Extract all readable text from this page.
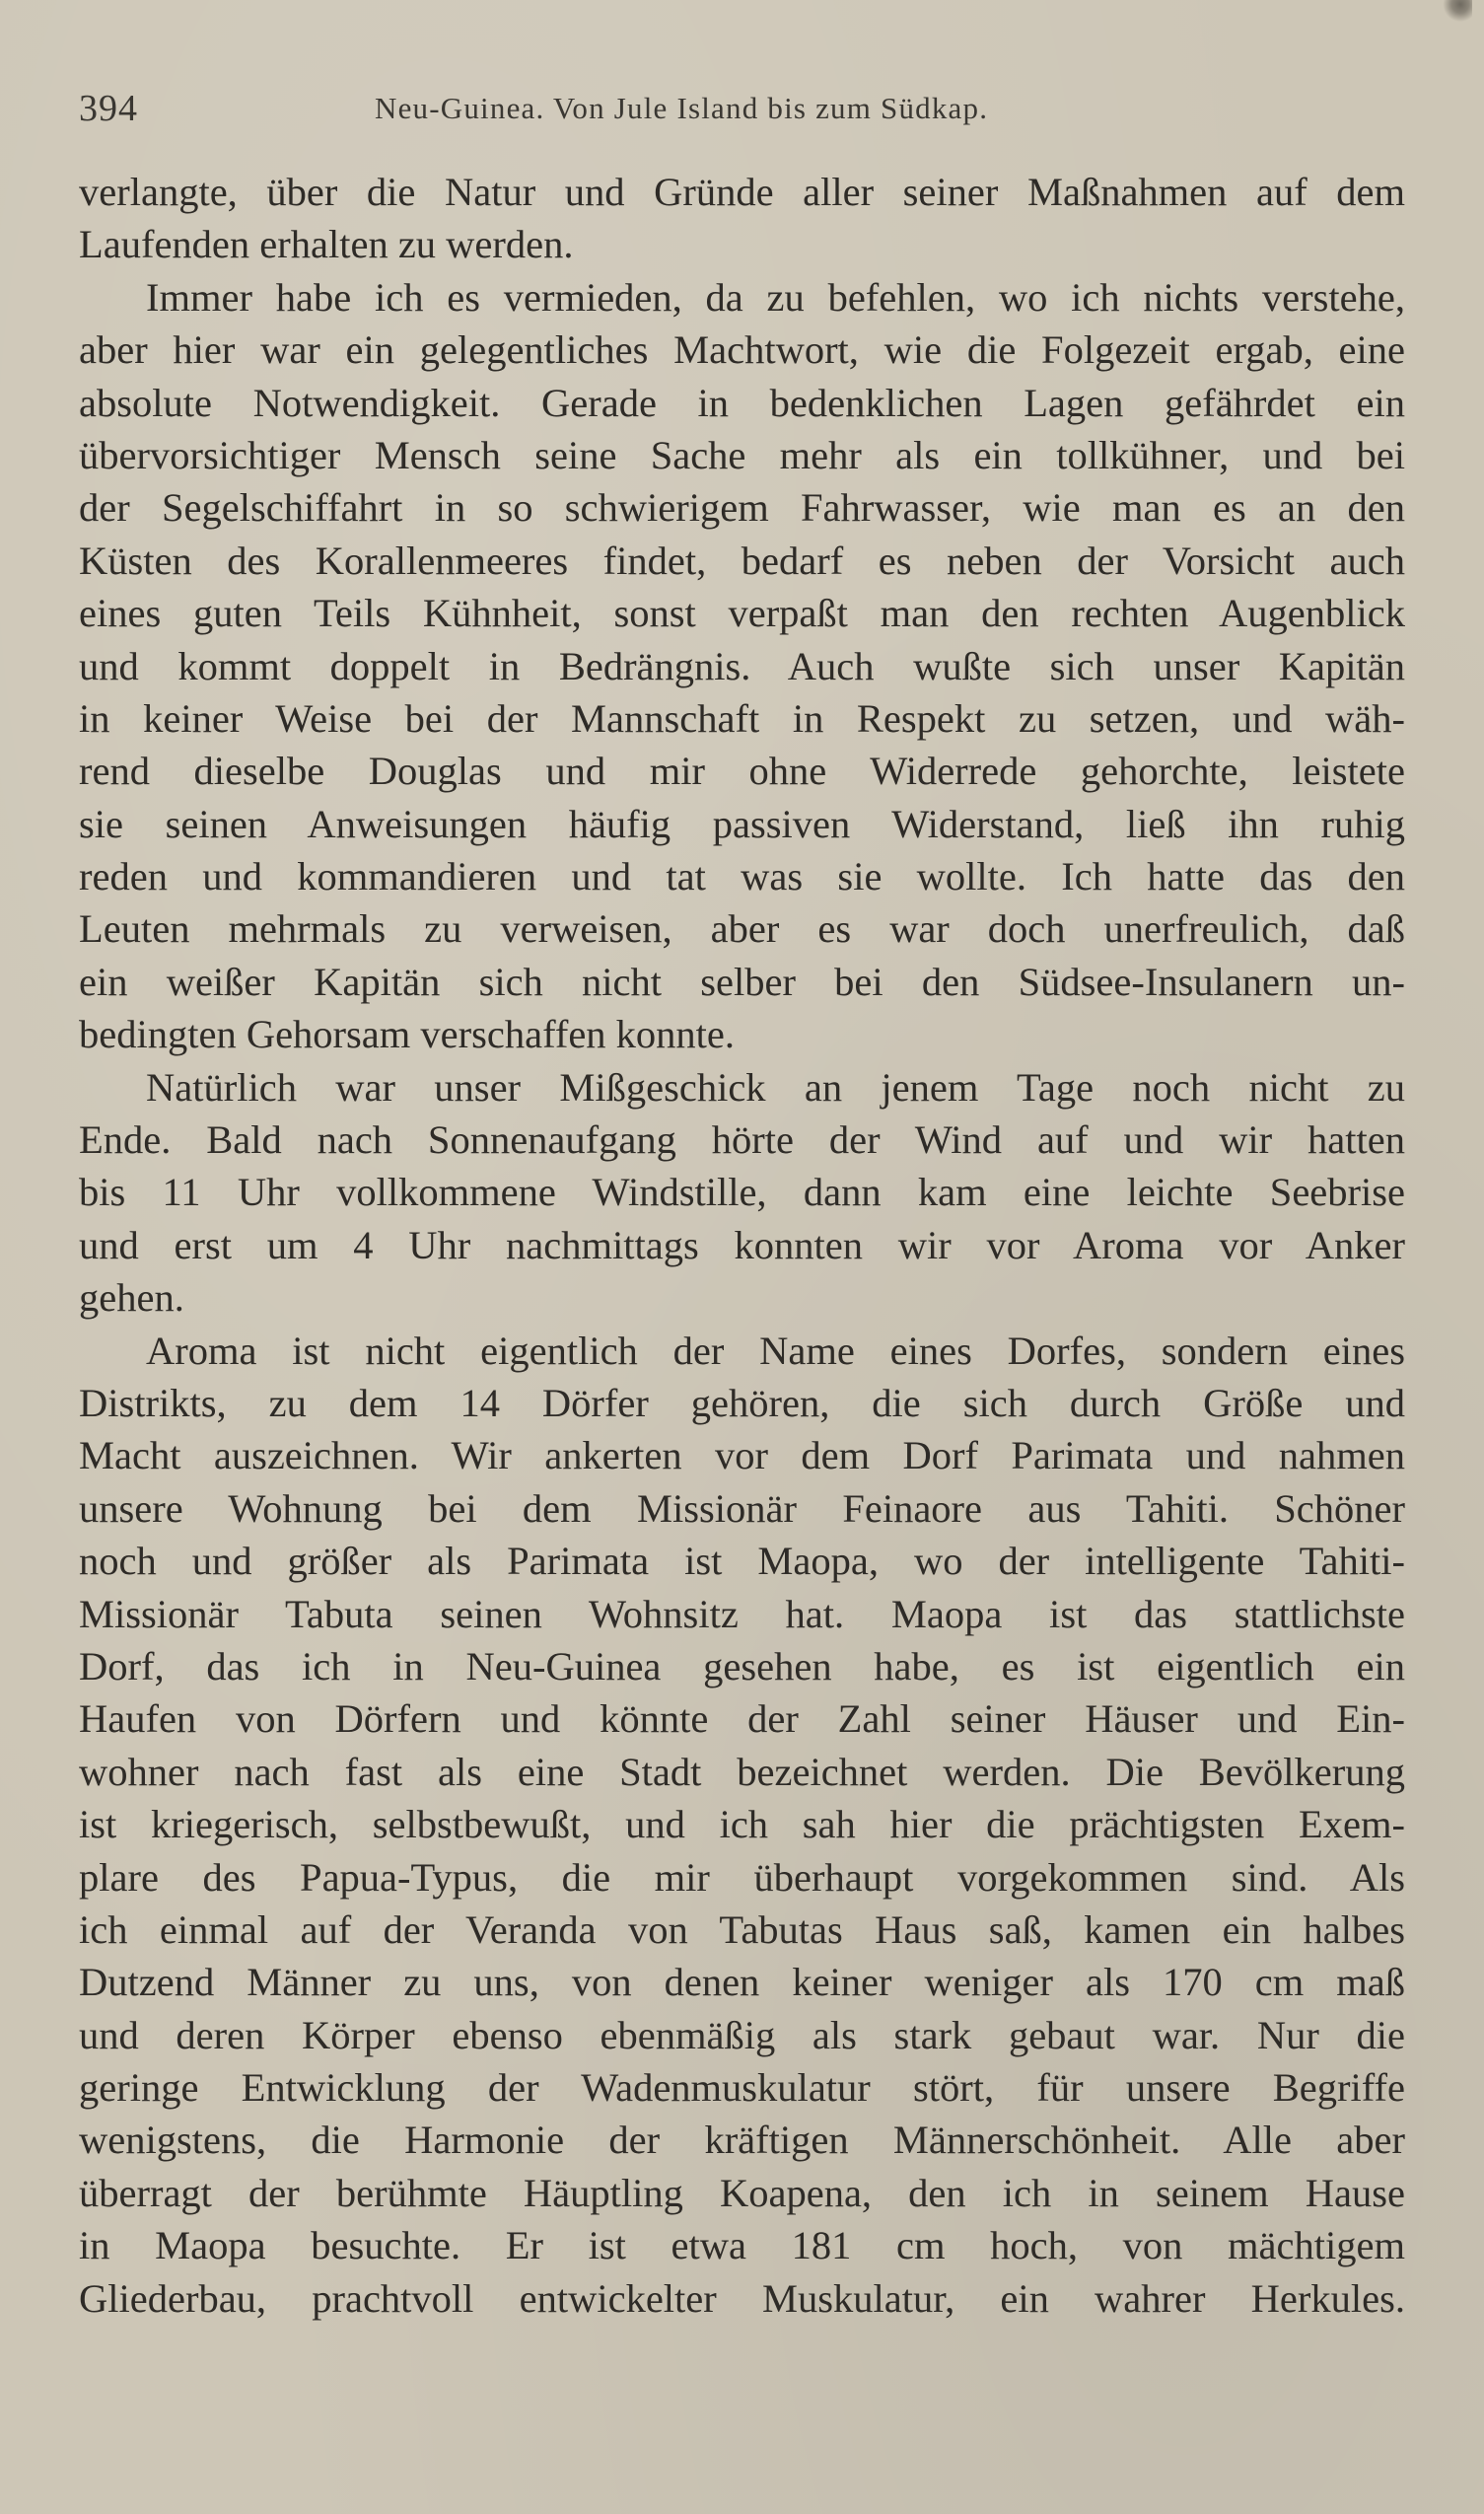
394	Neu-Guinea. Von Jule Island bis zum Südkap.
verlangte, über die Natur und Gründe aller seiner Maßnahmen auf dem
Laufenden erhalten zu werden.
Immer habe ich es vermieden, da zu befehlen, wo ich nichts verstehe,
aber hier war ein gelegentliches Machtwort, wie die Folgezeit ergab, eine
absolute Notwendigkeit. Gerade in bedenklichen Lagen gefährdet ein
übervorsichtiger Mensch seine Sache mehr als ein tollkühner, und bei
der Segelschiffahrt in so schwierigem Fahrwasser, wie man es an den
Küsten des Korallenmeeres findet, bedarf es neben der Vorsicht auch
eines guten Teils Kühnheit, sonst verpaßt man den rechten Augenblick
und kommt doppelt in Bedrängnis. Auch wußte sich unser Kapitän
in keiner Weise bei der Mannschaft in Respekt zu setzen, und wäh-
rend dieselbe Douglas und mir ohne Widerrede gehorchte, leistete
sie seinen Anweisungen häufig passiven Widerstand, ließ ihn ruhig
reden und kommandieren und tat was sie wollte. Ich hatte das den
Leuten mehrmals zu verweisen, aber es war doch unerfreulich, daß
ein weißer Kapitän sich nicht selber bei den Südsee-Insulanern un-
bedingten Gehorsam verschaffen konnte.
Natürlich war unser Mißgeschick an jenem Tage noch nicht zu
Ende. Bald nach Sonnenaufgang hörte der Wind auf und wir hatten
bis 11 Uhr vollkommene Windstille, dann kam eine leichte Seebrise
und erst um 4 Uhr nachmittags konnten wir vor Aroma vor Anker
gehen.
Aroma ist nicht eigentlich der Name eines Dorfes, sondern eines
Distrikts, zu dem 14 Dörfer gehören, die sich durch Größe und
Macht auszeichnen. Wir ankerten vor dem Dorf Parimata und nahmen
unsere Wohnung bei dem Missionär Feinaore aus Tahiti. Schöner
noch und größer als Parimata ist Maopa, wo der intelligente Tahiti-
Missionär Tabuta seinen Wohnsitz hat. Maopa ist das stattlichste
Dorf, das ich in Neu-Guinea gesehen habe, es ist eigentlich ein
Haufen von Dörfern und könnte der Zahl seiner Häuser und Ein-
wohner nach fast als eine Stadt bezeichnet werden. Die Bevölkerung
ist kriegerisch, selbstbewußt, und ich sah hier die prächtigsten Exem-
plare des Papua-Typus, die mir überhaupt vorgekommen sind. Als
ich einmal auf der Veranda von Tabutas Haus saß, kamen ein halbes
Dutzend Männer zu uns, von denen keiner weniger als 170 cm maß
und deren Körper ebenso ebenmäßig als stark gebaut war. Nur die
geringe Entwicklung der Wadenmuskulatur stört, für unsere Begriffe
wenigstens, die Harmonie der kräftigen Männerschönheit. Alle aber
überragt der berühmte Häuptling Koapena, den ich in seinem Hause
in Maopa besuchte. Er ist etwa 181 cm hoch, von mächtigem
Gliederbau, prachtvoll entwickelter Muskulatur, ein wahrer Herkules.
